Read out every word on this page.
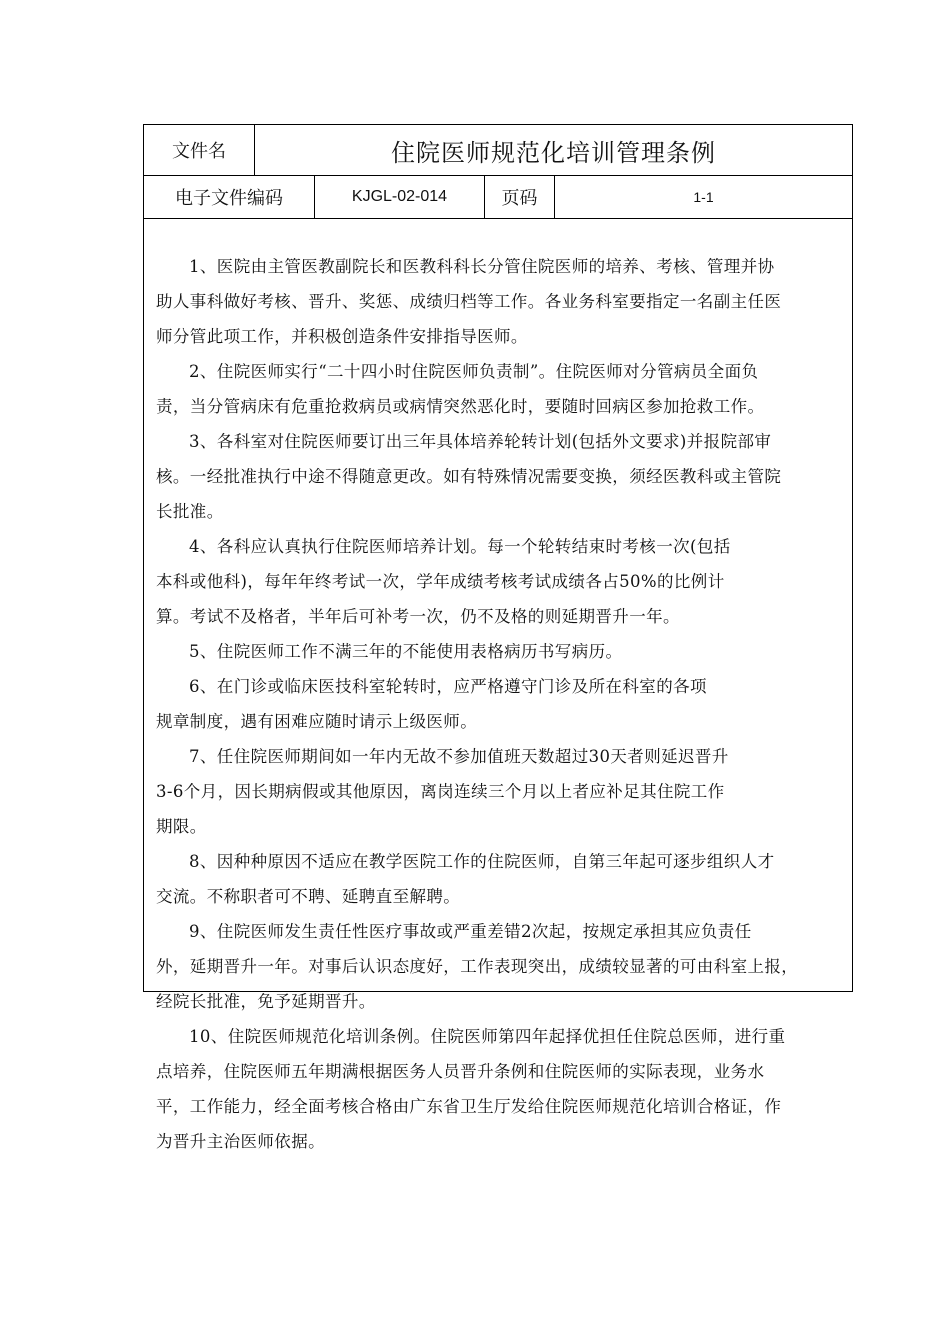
文件名	住院医师规范化培训管理条例
电子文件编码	KJGL-02-014	页码	1-1
1、医院由主管医教副院长和医教科科长分管住院医师的培养、考核、管理并协
助人事科做好考核、晋升、奖惩、成绩归档等工作。各业务科室要指定一名副主任医
师分管此项工作，并积极创造条件安排指导医师。
2、住院医师实行“二十四小时住院医师负责制”。住院医师对分管病员全面负
责，当分管病床有危重抢救病员或病情突然恶化时，要随时回病区参加抢救工作。
3、各科室对住院医师要订出三年具体培养轮转计划(包括外文要求)并报院部审
核。一经批准执行中途不得随意更改。如有特殊情况需要变换，须经医教科或主管院
长批准。
4、各科应认真执行住院医师培养计划。每一个轮转结束时考核一次(包括
本科或他科)，每年年终考试一次，学年成绩考核考试成绩各占50%的比例计
算。考试不及格者，半年后可补考一次，仍不及格的则延期晋升一年。
5、住院医师工作不满三年的不能使用表格病历书写病历。
6、在门诊或临床医技科室轮转时，应严格遵守门诊及所在科室的各项
规章制度，遇有困难应随时请示上级医师。
7、任住院医师期间如一年内无故不参加值班天数超过30天者则延迟晋升
3-6个月，因长期病假或其他原因，离岗连续三个月以上者应补足其住院工作
期限。
8、因种种原因不适应在教学医院工作的住院医师，自第三年起可逐步组织人才
交流。不称职者可不聘、延聘直至解聘。
9、住院医师发生责任性医疗事故或严重差错2次起，按规定承担其应负责任
外，延期晋升一年。对事后认识态度好，工作表现突出，成绩较显著的可由科室上报，
经院长批准，免予延期晋升。
10、住院医师规范化培训条例。住院医师第四年起择优担任住院总医师，进行重
点培养，住院医师五年期满根据医务人员晋升条例和住院医师的实际表现，业务水
平，工作能力，经全面考核合格由广东省卫生厅发给住院医师规范化培训合格证，作
为晋升主治医师依据。
